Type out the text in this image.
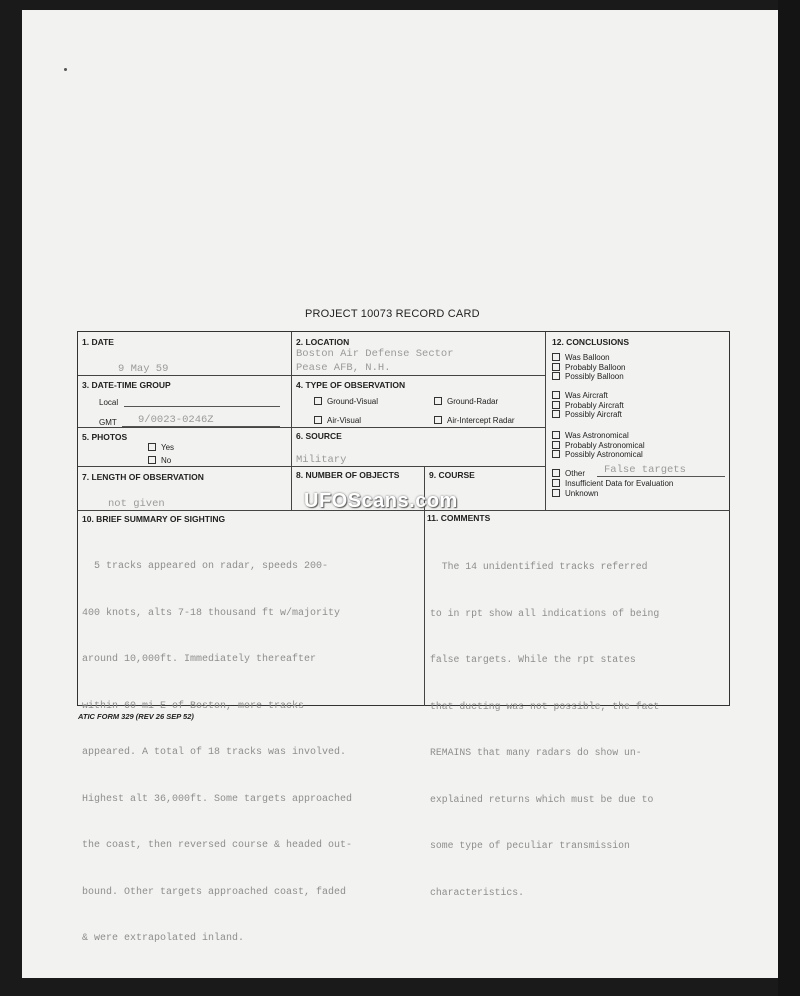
PROJECT 10073 RECORD CARD
1. DATE
9 May 59
2. LOCATION
Boston Air Defense Sector
Pease AFB, N.H.
3. DATE-TIME GROUP
Local
GMT 9/0023-0246Z
4. TYPE OF OBSERVATION
Ground-Visual	Ground-Radar
Air-Visual	Air-Intercept Radar
5. PHOTOS
Yes
No
6. SOURCE
Military
7. LENGTH OF OBSERVATION
not given
8. NUMBER OF OBJECTS	9. COURSE
12. CONCLUSIONS
Was Balloon
Probably Balloon
Possibly Balloon
Was Aircraft
Probably Aircraft
Possibly Aircraft
Was Astronomical
Probably Astronomical
Possibly Astronomical
Other False targets
Insufficient Data for Evaluation
Unknown
10. BRIEF SUMMARY OF SIGHTING

5 tracks appeared on radar, speeds 200-

400 knots, alts 7-18 thousand ft w/majority

around 10,000ft. Immediately thereafter

within 60 mi E of Boston, more tracks

appeared. A total of 18 tracks was involved.

Highest alt 36,000ft. Some targets approached

the coast, then reversed course & headed out-

bound. Other targets approached coast, faded

& were extrapolated inland.

11. COMMENTS

The 14 unidentified tracks referred

to in rpt show all indications of being

false targets. While the rpt states

that ducting was not possible, the fact

REMAINS that many radars do show un-

explained returns which must be due to

some type of peculiar transmission

characteristics.

ATIC FORM 329 (REV 26 SEP 52)
UFOScans.com
